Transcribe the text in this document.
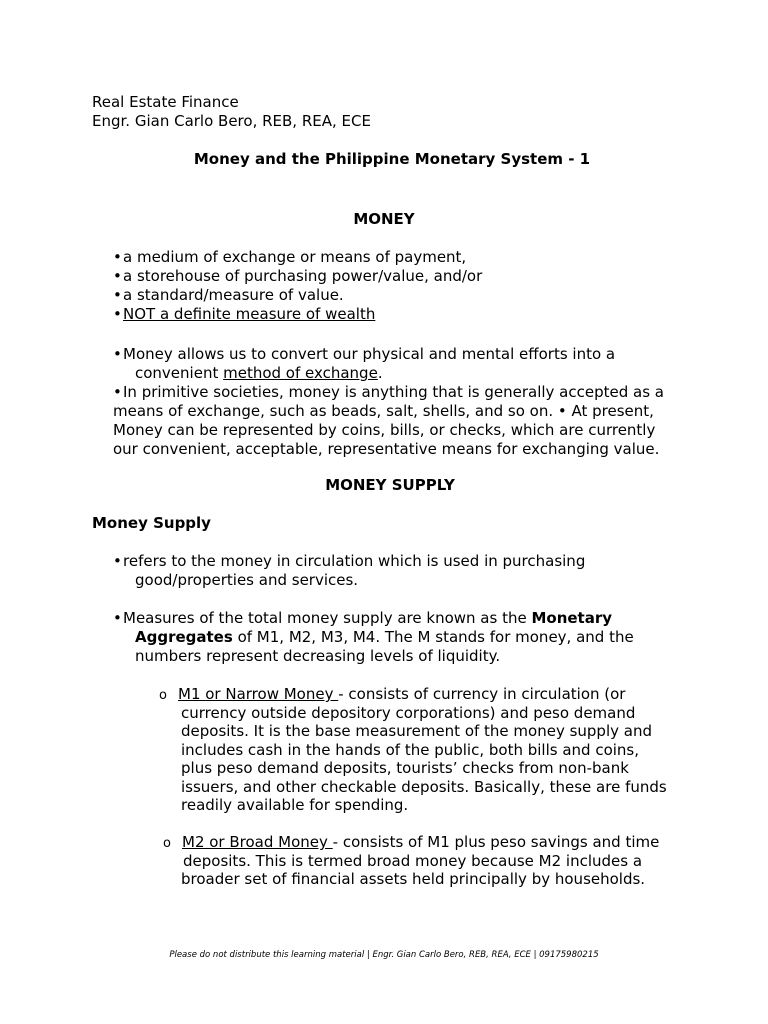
Real Estate Finance
Engr. Gian Carlo Bero, REB, REA, ECE
Money and the Philippine Monetary System - 1
MONEY
•a medium of exchange or means of payment,
•a storehouse of purchasing power/value, and/or
•a standard/measure of value.
•NOT a definite measure of wealth
•Money allows us to convert our physical and mental efforts into a
convenient method of exchange.
•In primitive societies, money is anything that is generally accepted as a
means of exchange, such as beads, salt, shells, and so on. • At present,
Money can be represented by coins, bills, or checks, which are currently
our convenient, acceptable, representative means for exchanging value.
MONEY SUPPLY
Money Supply
•refers to the money in circulation which is used in purchasing
good/properties and services.
•Measures of the total money supply are known as the Monetary
Aggregates of M1, M2, M3, M4. The M stands for money, and the
numbers represent decreasing levels of liquidity.
o M1 or Narrow Money - consists of currency in circulation (or
currency outside depository corporations) and peso demand
deposits. It is the base measurement of the money supply and
includes cash in the hands of the public, both bills and coins,
plus peso demand deposits, tourists’ checks from non-bank
issuers, and other checkable deposits. Basically, these are funds
readily available for spending.
o M2 or Broad Money - consists of M1 plus peso savings and time
deposits. This is termed broad money because M2 includes a
broader set of financial assets held principally by households.
Please do not distribute this learning material | Engr. Gian Carlo Bero, REB, REA, ECE | 09175980215
